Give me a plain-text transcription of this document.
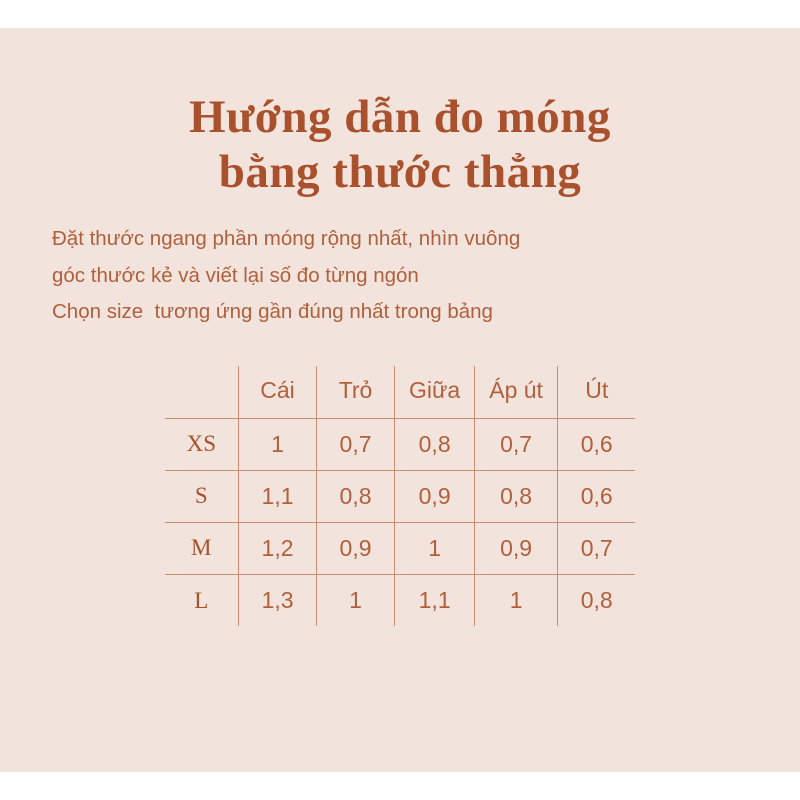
Hướng dẫn đo móng
bằng thước thẳng
Đặt thước ngang phần móng rộng nhất, nhìn vuông
góc thước kẻ và viết lại số đo từng ngón
Chọn size  tương ứng gần đúng nhất trong bảng
	Cái	Trỏ	Giữa	Áp út	Út
XS	1	0,7	0,8	0,7	0,6
S	1,1	0,8	0,9	0,8	0,6
M	1,2	0,9	1	0,9	0,7
L	1,3	1	1,1	1	0,8
